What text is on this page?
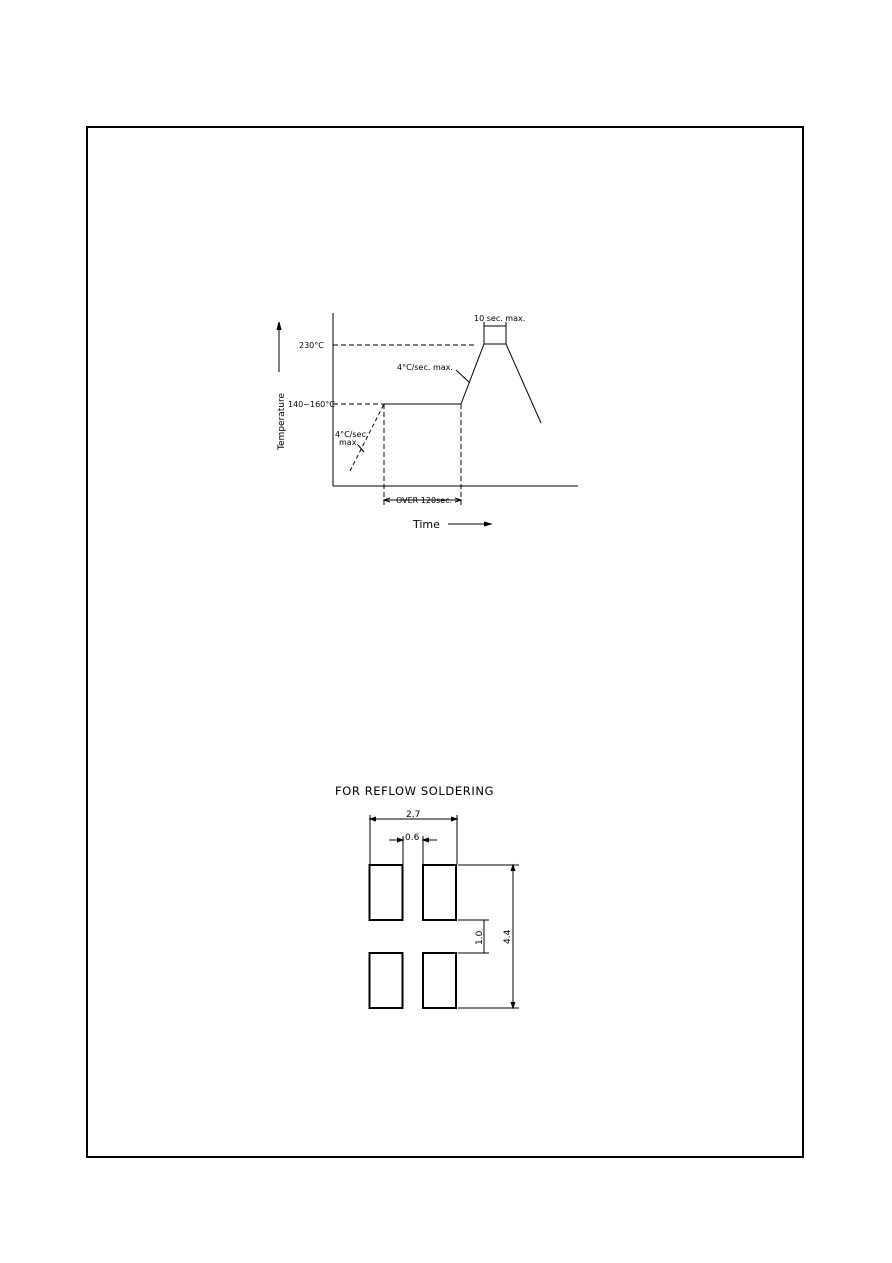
Temperature
Time
230°C
140~160°C
10 sec. max.
4°C/sec. max.
4°C/sec.
max.
OVER 120sec.
FOR REFLOW SOLDERING
2.7
0.6
4.4
1.0
